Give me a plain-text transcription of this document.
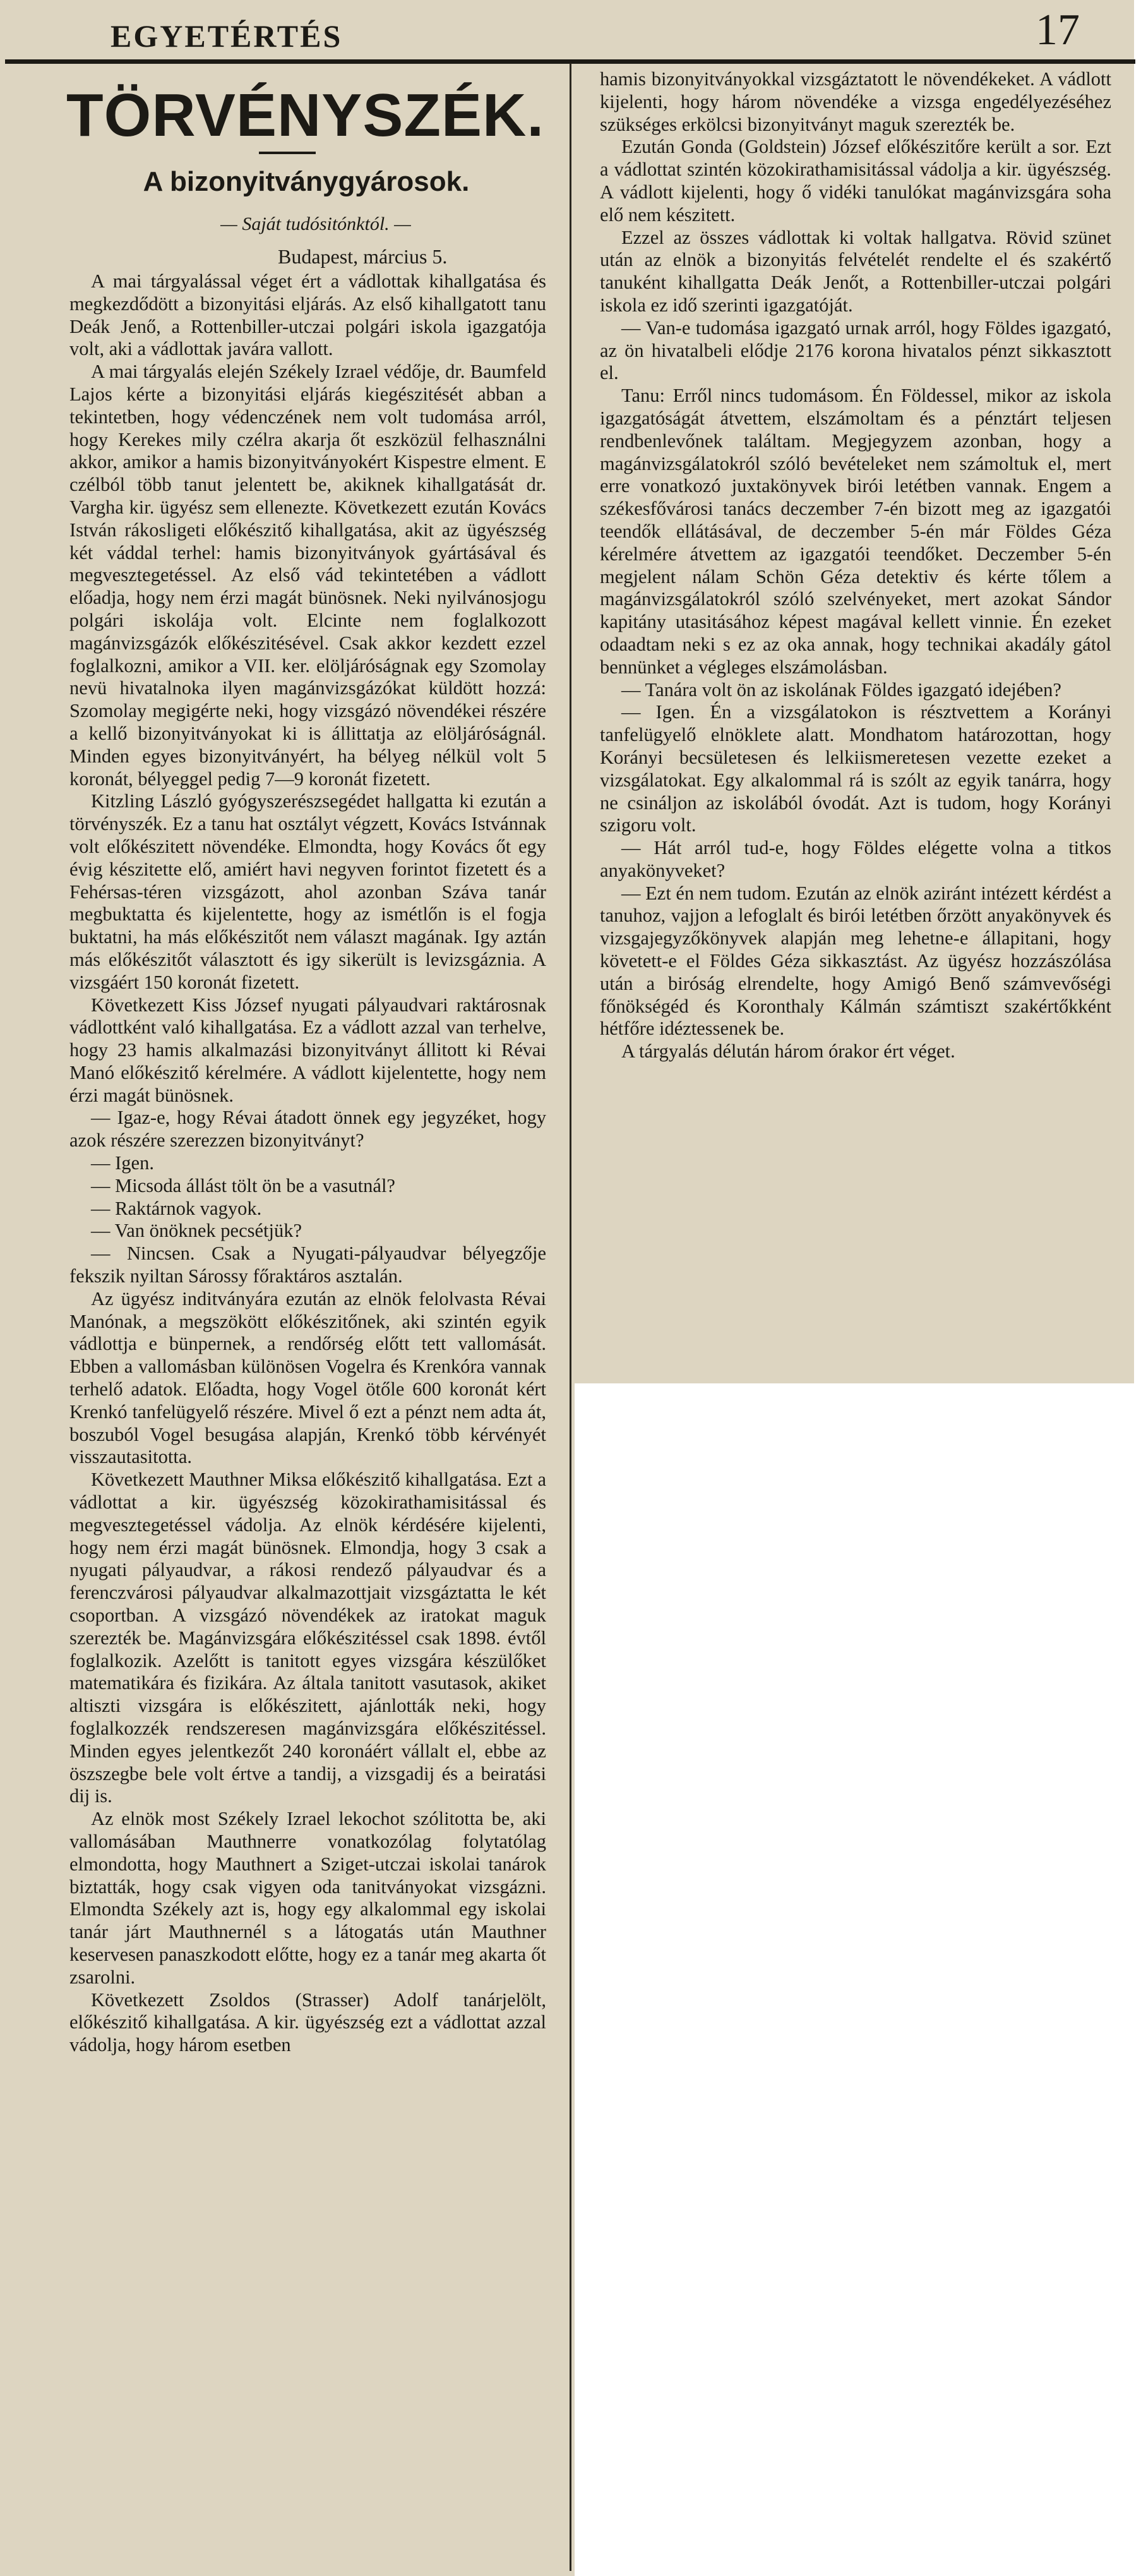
EGYETÉRTÉS	17
TÖRVÉNYSZÉK.
A bizonyitványgyárosok.
— Saját tudósitónktól. —
Budapest, március 5.

A mai tárgyalással véget ért a vádlottak kihallgatása és megkezdődött a bizonyitási eljárás. Az első kihallgatott tanu Deák Jenő, a Rottenbiller-utczai polgári iskola igazgatója volt, aki a vádlottak javára vallott.

A mai tárgyalás elején Székely Izrael védője, dr. Baumfeld Lajos kérte a bizonyitási eljárás kiegészitését abban a tekintetben, hogy védenczének nem volt tudomása arról, hogy Kerekes mily czélra akarja őt eszközül felhasználni akkor, amikor a hamis bizonyitványokért Kispestre elment. E czélból több tanut jelentett be, akiknek kihallgatását dr. Vargha kir. ügyész sem ellenezte. Következett ezután Kovács István rákosligeti előkészitő kihallgatása, akit az ügyészség két váddal terhel: hamis bizonyitványok gyártásával és megvesztegetéssel. Az első vád tekintetében a vádlott előadja, hogy nem érzi magát bünösnek. Neki nyilvánosjogu polgári iskolája volt. Elcinte nem foglalkozott magánvizsgázók előkészitésével. Csak akkor kezdett ezzel foglalkozni, amikor a VII. ker. elöljáróságnak egy Szomolay nevü hivatalnoka ilyen magánvizsgázókat küldött hozzá: Szomolay megigérte neki, hogy vizsgázó növendékei részére a kellő bizonyitványokat ki is állittatja az elöljáróságnál. Minden egyes bizonyitványért, ha bélyeg nélkül volt 5 koronát, bélyeggel pedig 7—9 koronát fizetett.

Kitzling László gyógyszerészsegédet hallgatta ki ezután a törvényszék. Ez a tanu hat osztályt végzett, Kovács Istvánnak volt előkészitett növendéke. Elmondta, hogy Kovács őt egy évig készitette elő, amiért havi negyven forintot fizetett és a Fehérsas-téren vizsgázott, ahol azonban Száva tanár megbuktatta és kijelentette, hogy az ismétlőn is el fogja buktatni, ha más előkészitőt nem választ magának. Igy aztán más előkészitőt választott és igy sikerült is levizsgáznia. A vizsgáért 150 koronát fizetett.

Következett Kiss József nyugati pályaudvari raktárosnak vádlottként való kihallgatása. Ez a vádlott azzal van terhelve, hogy 23 hamis alkalmazási bizonyitványt állitott ki Révai Manó előkészitő kérelmére. A vádlott kijelentette, hogy nem érzi magát bünösnek.

— Igaz-e, hogy Révai átadott önnek egy jegyzéket, hogy azok részére szerezzen bizonyitványt?

— Igen.

— Micsoda állást tölt ön be a vasutnál?

— Raktárnok vagyok.

— Van önöknek pecsétjük?

— Nincsen. Csak a Nyugati-pályaudvar bélyegzője fekszik nyiltan Sárossy főraktáros asztalán.

Az ügyész inditványára ezután az elnök felolvasta Révai Manónak, a megszökött előkészitőnek, aki szintén egyik vádlottja e bünpernek, a rendőrség előtt tett vallomását. Ebben a vallomásban különösen Vogelra és Krenkóra vannak terhelő adatok. Előadta, hogy Vogel ötőle 600 koronát kért Krenkó tanfelügyelő részére. Mivel ő ezt a pénzt nem adta át, boszuból Vogel besugása alapján, Krenkó több kérvényét visszautasitotta.

Következett Mauthner Miksa előkészitő kihallgatása. Ezt a vádlottat a kir. ügyészség közokirathamisitással és megvesztegetéssel vádolja. Az elnök kérdésére kijelenti, hogy nem érzi magát bünösnek. Elmondja, hogy 3 csak a nyugati pályaudvar, a rákosi rendező pályaudvar és a ferenczvárosi pályaudvar alkalmazottjait vizsgáztatta le két csoportban. A vizsgázó növendékek az iratokat maguk szerezték be. Magánvizsgára előkészitéssel csak 1898. évtől foglalkozik. Azelőtt is tanitott egyes vizsgára készülőket matematikára és fizikára. Az általa tanitott vasutasok, akiket altiszti vizsgára is előkészitett, ajánlották neki, hogy foglalkozzék rendszeresen magánvizsgára előkészitéssel. Minden egyes jelentkezőt 240 koronáért vállalt el, ebbe az öszszegbe bele volt értve a tandij, a vizsgadij és a beiratási dij is.

Az elnök most Székely Izrael lekochot szólitotta be, aki vallomásában Mauthnerre vonatkozólag folytatólag elmondotta, hogy Mauthnert a Sziget-utczai iskolai tanárok biztatták, hogy csak vigyen oda tanitványokat vizsgázni. Elmondta Székely azt is, hogy egy alkalommal egy iskolai tanár járt Mauthnernél s a látogatás után Mauthner keservesen panaszkodott előtte, hogy ez a tanár meg akarta őt zsarolni.

Következett Zsoldos (Strasser) Adolf tanárjelölt, előkészitő kihallgatása. A kir. ügyészség ezt a vádlottat azzal vádolja, hogy három esetben

hamis bizonyitványokkal vizsgáztatott le növendékeket. A vádlott kijelenti, hogy három növendéke a vizsga engedélyezéséhez szükséges erkölcsi bizonyitványt maguk szerezték be.

Ezután Gonda (Goldstein) József előkészitőre került a sor. Ezt a vádlottat szintén közokirathamisitással vádolja a kir. ügyészség. A vádlott kijelenti, hogy ő vidéki tanulókat magánvizsgára soha elő nem készitett.

Ezzel az összes vádlottak ki voltak hallgatva. Rövid szünet után az elnök a bizonyitás felvételét rendelte el és szakértő tanuként kihallgatta Deák Jenőt, a Rottenbiller-utczai polgári iskola ez idő szerinti igazgatóját.

— Van-e tudomása igazgató urnak arról, hogy Földes igazgató, az ön hivatalbeli elődje 2176 korona hivatalos pénzt sikkasztott el.

Tanu: Erről nincs tudomásom. Én Földessel, mikor az iskola igazgatóságát átvettem, elszámoltam és a pénztárt teljesen rendbenlevőnek találtam. Megjegyzem azonban, hogy a magánvizsgálatokról szóló bevételeket nem számoltuk el, mert erre vonatkozó juxtakönyvek birói letétben vannak. Engem a székesfővárosi tanács deczember 7-én bizott meg az igazgatói teendők ellátásával, de deczember 5-én már Földes Géza kérelmére átvettem az igazgatói teendőket. Deczember 5-én megjelent nálam Schön Géza detektiv és kérte tőlem a magánvizsgálatokról szóló szelvényeket, mert azokat Sándor kapitány utasitásához képest magával kellett vinnie. Én ezeket odaadtam neki s ez az oka annak, hogy technikai akadály gátol bennünket a végleges elszámolásban.

— Tanára volt ön az iskolának Földes igazgató idejében?

— Igen. Én a vizsgálatokon is résztvettem a Korányi tanfelügyelő elnöklete alatt. Mondhatom határozottan, hogy Korányi becsületesen és lelkiismeretesen vezette ezeket a vizsgálatokat. Egy alkalommal rá is szólt az egyik tanárra, hogy ne csináljon az iskolából óvodát. Azt is tudom, hogy Korányi szigoru volt.

— Hát arról tud-e, hogy Földes elégette volna a titkos anyakönyveket?

— Ezt én nem tudom. Ezután az elnök aziránt intézett kérdést a tanuhoz, vajjon a lefoglalt és birói letétben őrzött anyakönyvek és vizsgajegyzőkönyvek alapján meg lehetne-e állapitani, hogy követett-e el Földes Géza sikkasztást. Az ügyész hozzászólása után a biróság elrendelte, hogy Amigó Benő számvevőségi főnökségéd és Koronthaly Kálmán számtiszt szakértőkként hétfőre idéztessenek be.

A tárgyalás délután három órakor ért véget.
